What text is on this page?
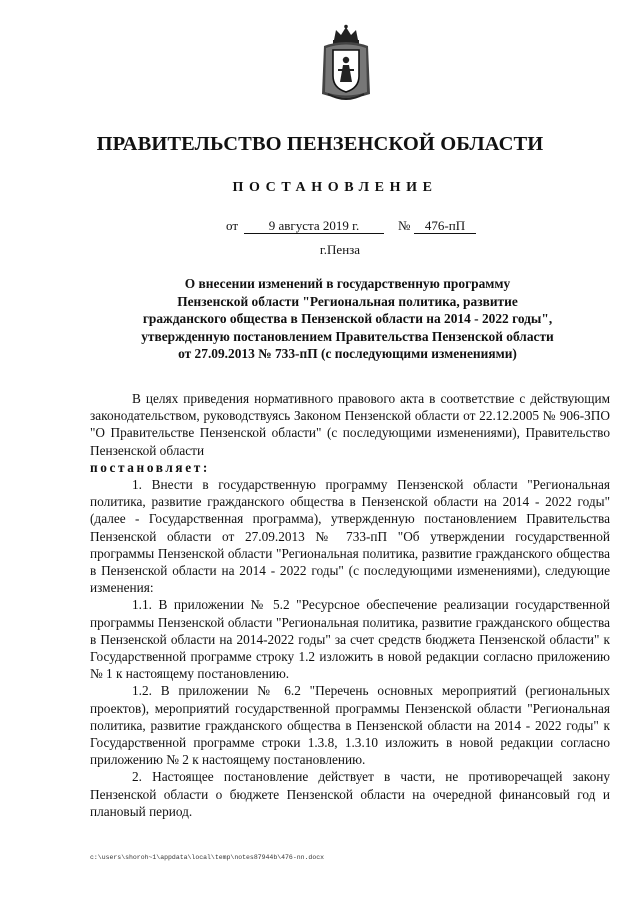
ПРАВИТЕЛЬСТВО ПЕНЗЕНСКОЙ ОБЛАСТИ
ПОСТАНОВЛЕНИЕ
от	9 августа 2019 г.	№	476-пП
г.Пенза
О внесении изменений в государственную программу
Пензенской области "Региональная политика, развитие
гражданского общества в Пензенской области на 2014 - 2022 годы",
утвержденную постановлением Правительства Пензенской области
от 27.09.2013 № 733-пП (с последующими изменениями)

В целях приведения нормативного правового акта в соответствие с действующим законодательством, руководствуясь Законом Пензенской области от 22.12.2005 № 906-ЗПО "О Правительстве Пензенской области" (с последующими изменениями), Правительство Пензенской области

постановляет:

1. Внести в государственную программу Пензенской области "Региональная политика, развитие гражданского общества в Пензенской области на 2014 - 2022 годы" (далее - Государственная программа), утвержденную постановлением Правительства Пензенской области от 27.09.2013 № 733-пП "Об утверждении государственной программы Пензенской области "Региональная политика, развитие гражданского общества в Пензенской области на 2014 - 2022 годы" (с последующими изменениями), следующие изменения:

1.1. В приложении № 5.2 "Ресурсное обеспечение реализации государственной программы Пензенской области "Региональная политика, развитие гражданского общества в Пензенской области на 2014-2022 годы" за счет средств бюджета Пензенской области" к Государственной программе строку 1.2 изложить в новой редакции согласно приложению № 1 к настоящему постановлению.

1.2. В приложении № 6.2 "Перечень основных мероприятий (региональных проектов), мероприятий государственной программы Пензенской области "Региональная политика, развитие гражданского общества в Пензенской области на 2014 - 2022 годы" к Государственной программе строки 1.3.8, 1.3.10 изложить в новой редакции согласно приложению № 2 к настоящему постановлению.

2. Настоящее постановление действует в части, не противоречащей закону Пензенской области о бюджете Пензенской области на очередной финансовый год и плановый период.

c:\users\shoroh~1\appdata\local\temp\notes87944b\476-nn.docx
